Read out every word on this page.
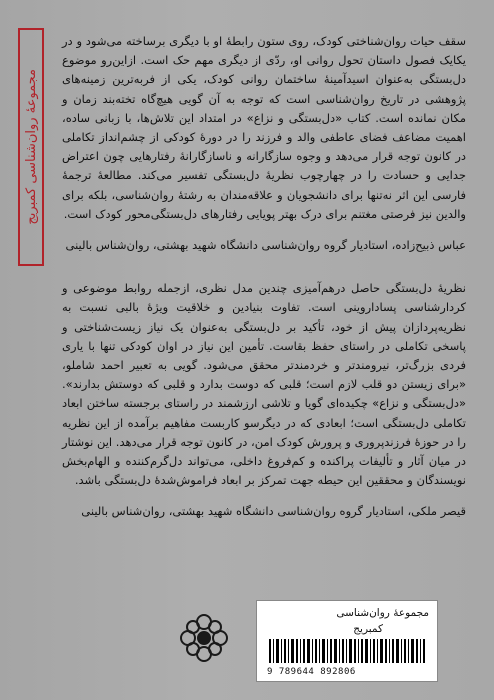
مجموعهٔ روان‌شناسی کمبریج

سقف حیات روان‌شناختی کودک، روی ستون رابطهٔ او با دیگری برساخته می‌شود و در یکایک فصول داستان تحول روانی او، ردّی از دیگری مهم حک است. ازاین‌رو موضوع دل‌بستگی به‌عنوان اسیدآمینهٔ ساختمان روانی کودک، یکی از فربه‌ترین زمینه‌های پژوهشی در تاریخ روان‌شناسی است که توجه به آن گویی هیچ‌گاه تخته‌بند زمان و مکان نمانده است. کتاب «دل‌بستگی و نزاع» در امتداد این تلاش‌ها، با زبانی ساده، اهمیت مضاعف فضای عاطفی والد و فرزند را در دورهٔ کودکی از چشم‌انداز تکاملی در کانون توجه قرار می‌دهد و وجوه سازگارانه و ناسازگارانهٔ رفتارهایی چون اعتراض جدایی و حسادت را در چهارچوب نظریهٔ دل‌بستگی تفسیر می‌کند. مطالعهٔ ترجمهٔ فارسی این اثر نه‌تنها برای دانشجویان و علاقه‌مندان به رشتهٔ روان‌شناسی، بلکه برای والدین نیز فرصتی مغتنم برای درک بهتر پویایی رفتارهای دل‌بستگی‌محور کودک است.

عباس ذبیح‌زاده، استادیار گروه روان‌شناسی دانشگاه شهید بهشتی، روان‌شناس بالینی

نظریهٔ دل‌بستگی حاصل درهم‌آمیزی چندین مدل نظری، ازجمله روابط موضوعی و کردارشناسی پساداروینی است. تفاوت بنیادین و خلاقیت ویژهٔ بالبی نسبت به نظریه‌پردازان پیش از خود، تأکید بر دل‌بستگی به‌عنوان یک نیاز زیست‌شناختی و پاسخی تکاملی در راستای حفظ بقاست. تأمین این نیاز در اوان کودکی تنها با یاری فردی بزرگ‌تر، نیرومندتر و خردمندتر محقق می‌شود. گویی به تعبیر احمد شاملو، «برای زیستن دو قلب لازم است؛ قلبی که دوست بدارد و قلبی که دوستش بدارند». «دل‌بستگی و نزاع» چکیده‌ای گویا و تلاشی ارزشمند در راستای برجسته ساختن ابعاد تکاملی دل‌بستگی است؛ ابعادی که در دیگرسو کاربست مفاهیم برآمده از این نظریه را در حوزهٔ فرزندپروری و پرورش کودک امن، در کانون توجه قرار می‌دهد. این نوشتار در میان آثار و تألیفات پراکنده و کم‌فروغ داخلی، می‌تواند دل‌گرم‌کننده و الهام‌بخش نویسندگان و محققین این حیطه جهت تمرکز بر ابعاد فراموش‌شدهٔ دل‌بستگی باشد.

قیصر ملکی، استادیار گروه روان‌شناسی دانشگاه شهید بهشتی، روان‌شناس بالینی

مجموعهٔ روان‌شناسی
کمبریج
9 789644 892806
